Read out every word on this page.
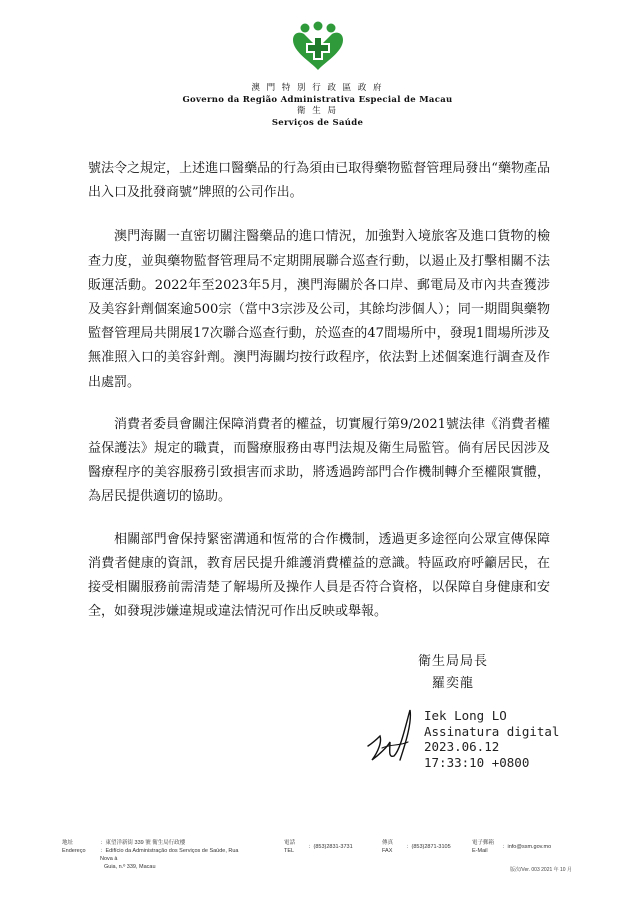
澳 門 特 別 行 政 區 政 府
Governo da Região Administrativa Especial de Macau
衛 生 局
Serviços de Saúde

號法令之規定，上述進口醫藥品的行為須由已取得藥物監督管理局發出“藥物產品出入口及批發商號”牌照的公司作出。

澳門海關一直密切關注醫藥品的進口情況，加強對入境旅客及進口貨物的檢查力度，並與藥物監督管理局不定期開展聯合巡查行動，以遏止及打擊相關不法販運活動。2022年至2023年5月，澳門海關於各口岸、郵電局及市內共查獲涉及美容針劑個案逾500宗（當中3宗涉及公司，其餘均涉個人）；同一期間與藥物監督管理局共開展17次聯合巡查行動，於巡查的47間場所中，發現1間場所涉及無准照入口的美容針劑。澳門海關均按行政程序，依法對上述個案進行調查及作出處罰。

消費者委員會關注保障消費者的權益，切實履行第9/2021號法律《消費者權益保護法》規定的職責，而醫療服務由專門法規及衛生局監管。倘有居民因涉及醫療程序的美容服務引致損害而求助，將透過跨部門合作機制轉介至權限實體，為居民提供適切的協助。

相關部門會保持緊密溝通和恆常的合作機制，透過更多途徑向公眾宣傳保障消費者健康的資訊，教育居民提升維護消費權益的意識。特區政府呼籲居民，在接受相關服務前需清楚了解場所及操作人員是否符合資格，以保障自身健康和安全，如發現涉嫌違規或違法情況可作出反映或舉報。

衛生局局長
羅奕龍
Iek Long LO
Assinatura digital
2023.06.12
17:33:10 +0800
地址
Endereço
：東望洋新街 339 號 衛生局行政樓
：Edifício da Administração dos Serviços de Saúde, Rua Nova à
Guia, n.º 339, Macau
電話
TEL
：(853)2831-3731
傳真
FAX
：(853)2871-3105
電子郵箱
E-Mail
：info@ssm.gov.mo
版次/Ver. 003 2021 年 10 月
